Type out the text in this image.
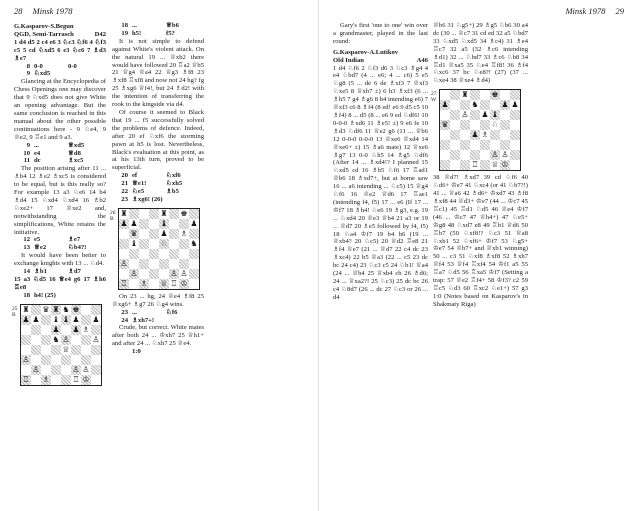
28 Minsk 1978
G.Kasparov-S.Begun
QGD, Semi-Tarrasch	D42

1 d4 d5 2 c4 e6 3 ♘c3 ♘f6 4 ♘f3 c5 5 cd ♘xd5 6 e3 ♘c6 7 ♗d3 ♗e7

8 0-0	0-0
9 ♘xd5

Glancing at the Encyclopedia of Chess Openings one may discover that 9 ♘xd5 does not give White an opening advantage. But the same conclusion is reached in this manual about the other possible continuations here - 9 ♘e4, 9 ♕e2, 9 ♖e1 and 9 a3.

9 ...	♕xd5
10 e4	♕d8
11 dc	♗xc5

The position arising after 11 ... ♗b4 12 ♗e2 ♗xc5 is considered to be equal, but is this really so? For example 13 a3 ♘e6 14 b4 ♗d4 15 ♘xd4 ♘xd4 16 ♗b2 ♘xe2+ 17 ♕xe2 and, notwithstanding the simplifications, White retains the initiative.

12 e5	♗e7
13 ♕e2	♘b4?!

It would have been better to exchange knights with 13 ... ♘d4.

14 ♗b1	♗d7

15 a3 ♘d5 16 ♕e4 g6 17 ♗h6 ♖e8

18 h4! (25)
25
B
♜ ♛ ♜ ♞ ♚
♟ ♟ ♝ ♝ ♟ ♟
♟ ♟ ♗
♞ ♙	♙
♕
♙
♙	♙ ♙
♖ ♗	♖ ♔
18 ...	♕b6
19 h5!	f5?

It is not simple to defend against White's violent attack. On the natural 19 ... ♕xb2 there would have followed 20 ♖a2 ♕b5 21 ♕g4 ♕a4 22 ♕g3 ♗f8 23 ♗xf8 ♖xf8 and now not 24 hg? fg 25 ♗xg6 ♕f4!, but 24 ♗d2! with the intention of transferring the rook to the kingside via d4.

Of course it seemed to Black that 19 ... f5 successfully solved the problems of defence. Indeed, after 20 ef ♘xf6 the storming pawn at h5 is lost. Nevertheless, Black's evaluation at this point, as at his 13th turn, proved to be superficial.

20 ef	♘xf6
21 ♕e1!	♘xh5
22 ♘e5	♗b5
23 ♗xg6! (26)
26
B
♜	♜ ♚
♟ ♟	♝	♟
♛	♟ ♗
♝	♘	♞
♙
♙	♙ ♙
♖ ♗ ♕ ♖ ♔

On 23 ... hg, 24 ♕e4 ♗f8 25 ♕xg6+ ♗g7 26 ♘g4 wins.

23 ...	♘f6
24 ♗xh7+!

Crude, but correct. White mates after both 24 ... ♔xh7 25 ♕h1+ and after 24 ... ♘xh7 25 ♕e4.

1:0

Minsk 1978 29

Gary's first 'one to one' win over a grandmaster, played in the last round:

G.Kasparov-A.Lutikov
Old Indian	A46

1 d4 ♘f6 2 ♘f3 d6 3 ♘c3 ♗g4 4 e4 ♘bd7 (4 ... e6; 4 ... c6) 5 e5 ♘g8 (5 ... de 6 de ♗xf3 7 ♕xf3 ♘xe5 8 ♕xb7 ±) 6 h3 ♗xf3 (6 ... ♗h5 7 g4 ♗g6 8 h4 intending e6) 7 ♕xf3 c6 8 ♗f4 (8 ed! e6 9 d5 c5 10 ♗f4) 8 ... d5 (8 ... e6 9 ed ♘df6! 10 0-0-0 ♗xd6 11 ♗e5! ±) 9 e6 fe 10 ♗d3 ♘df6 11 ♕e2 g6 (11 ... ♕b6 12 0-0-0 0-0-0 13 ♕xe6 ♕xd4 14 ♕xe6+ ±) 15 ♗a6 mate) 12 ♕xe6 ♗g7 13 0-0 ♘h5 14 ♗g5 ♘df6 (After 14 ... ♗xd4!? I planned 15 ♘xd5 cd 16 ♗b5 ♘f6 17 ♖ad1 ♕b6 18 ♗xd7+, but at home saw 16 ... a6 intending ... ♘c5) 15 ♕g4 ♘f6 16 ♕e2 ♕d6 17 ♖ae1 (intending f4, f5) 17 ... e6 (If 17 ... ♔f7 18 ♗h4! ♘e6 19 ♗g3, e.g. 19 ... ♘xd4 20 ♕e3 ♕b4 21 a3 or 19 ... ♕d7 20 ♗e5 followed by f4, f5) 18 ♘a4 ♔f7 19 b4 b6 (19 ... ♕xb4? 20 ♘c5) 20 ♕d2 ♖e8 21 ♗f4 ♕e7 (21 ... ♕d7 22 c4 dc 23 ♗xc4) 22 b5 ♕a3 (22 ... c5 23 dc bc 24 c4) 23 ♘c3 c5 24 ♘b1! ♕a4 (24 ... ♕b4 25 ♕xb4 cb 26 ♗d6; 24 ... ♕xa2?! 25 ♘c3) 25 dc bc 26 c4 ♘8d7 (26 ... dc 27 ♘c3 or 26 ... d4

♕b6 31 ♘g5+) 29 ♗g5 ♘b6 30 a4 dc (30 ... ♕c7 31 cd ed 32 a5 ♘bd7 33 ♘xd5 ♘xd5 34 ♗c4) 31 ♗e4 ♖c7 32 a5 (32 ♗c6 intending ♗d1) 32 ... ♘bd7 33 ♗c6 ♘b8 34 ♖d1 ♕xa5 35 ♘e4 ♖f8! 36 ♗f4 ♘xc6 37 bc ♘e8?! (27) (37 ... ♘xe4 38 ♕xe4 ♗d4)

27
W
♜	♚
♟	♞	♟ ♟
♙ ♟ ♝
♛	♘
♟ ♗
♙ ♙
♖ ♕ ♔

38 ♕d7! ♗xd7 39 cd ♘f6 40 ♘d6+ ♔e7 41 ♘xc4 (or 41 ♘b7?!) 41 ... ♕a6 42 ♗d6+ ♔xd7 43 ♗f8 ♗xf8 44 ♕d3+ ♔e7 (44 ... ♔c7 45 ♖c1) 45 ♖d1 ♘d5 46 ♕e4 ♔f7 (46 ... ♔c7 47 ♕h4+) 47 ♘e5+ ♔g8 48 ♘xd7 e8 49 ♖b1 ♕d6 50 ♖b7 (50 ♘xf8!? ♘c3 51 ♕a8 ♘xb1 52 ♘xf6+ ♔f7 53 ♘g5+ ♔e7 54 ♕b7+ and ♕xb1 winning) 50 ... c3 51 ♘xf8 ♗xf8 52 ♗xh7 ♕f4 53 ♕f4 ♖xf4 54 ♔f1 a5 55 ♖a7 ♘d5 56 ♖xa5 ♔f7 (Setting a trap: 57 ♕e2 ♖f4+ 58 ♔f3? c2 59 ♖c5 ♘d3 60 ♖xc2 ♘e1+) 57 g3 1:0 (Notes based on Kasparov's in Shakmaty Riga)
